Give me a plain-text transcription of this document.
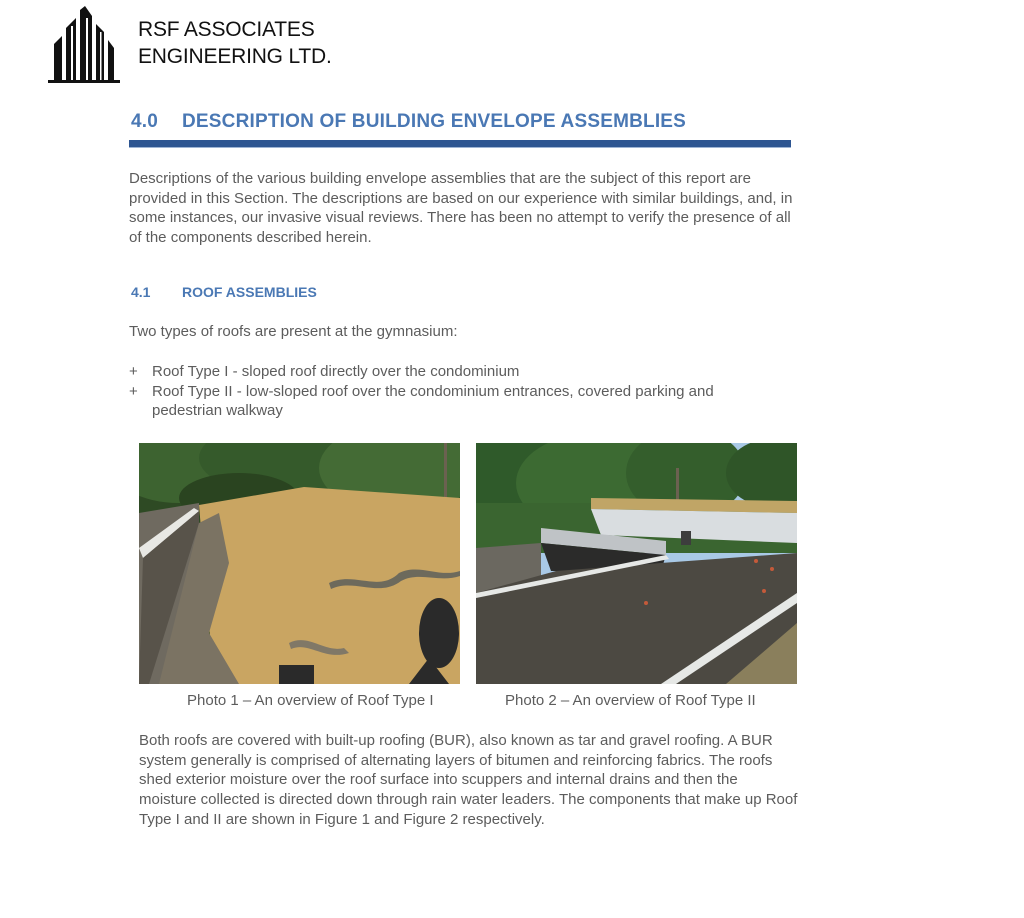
RSF ASSOCIATES
ENGINEERING LTD.
4.0 DESCRIPTION OF BUILDING ENVELOPE ASSEMBLIES
Descriptions of the various building envelope assemblies that are the subject of this report are provided in this Section. The descriptions are based on our experience with similar buildings, and, in some instances, our invasive visual reviews. There has been no attempt to verify the presence of all of the components described herein.
4.1 ROOF ASSEMBLIES
Two types of roofs are present at the gymnasium:
+ Roof Type I - sloped roof directly over the condominium
+ Roof Type II - low-sloped roof over the condominium entrances, covered parking and pedestrian walkway
Photo 1 – An overview of Roof Type I	Photo 2 – An overview of Roof Type II
Both roofs are covered with built-up roofing (BUR), also known as tar and gravel roofing. A BUR system generally is comprised of alternating layers of bitumen and reinforcing fabrics. The roofs shed exterior moisture over the roof surface into scuppers and internal drains and then the moisture collected is directed down through rain water leaders. The components that make up Roof Type I and II are shown in Figure 1 and Figure 2 respectively.
